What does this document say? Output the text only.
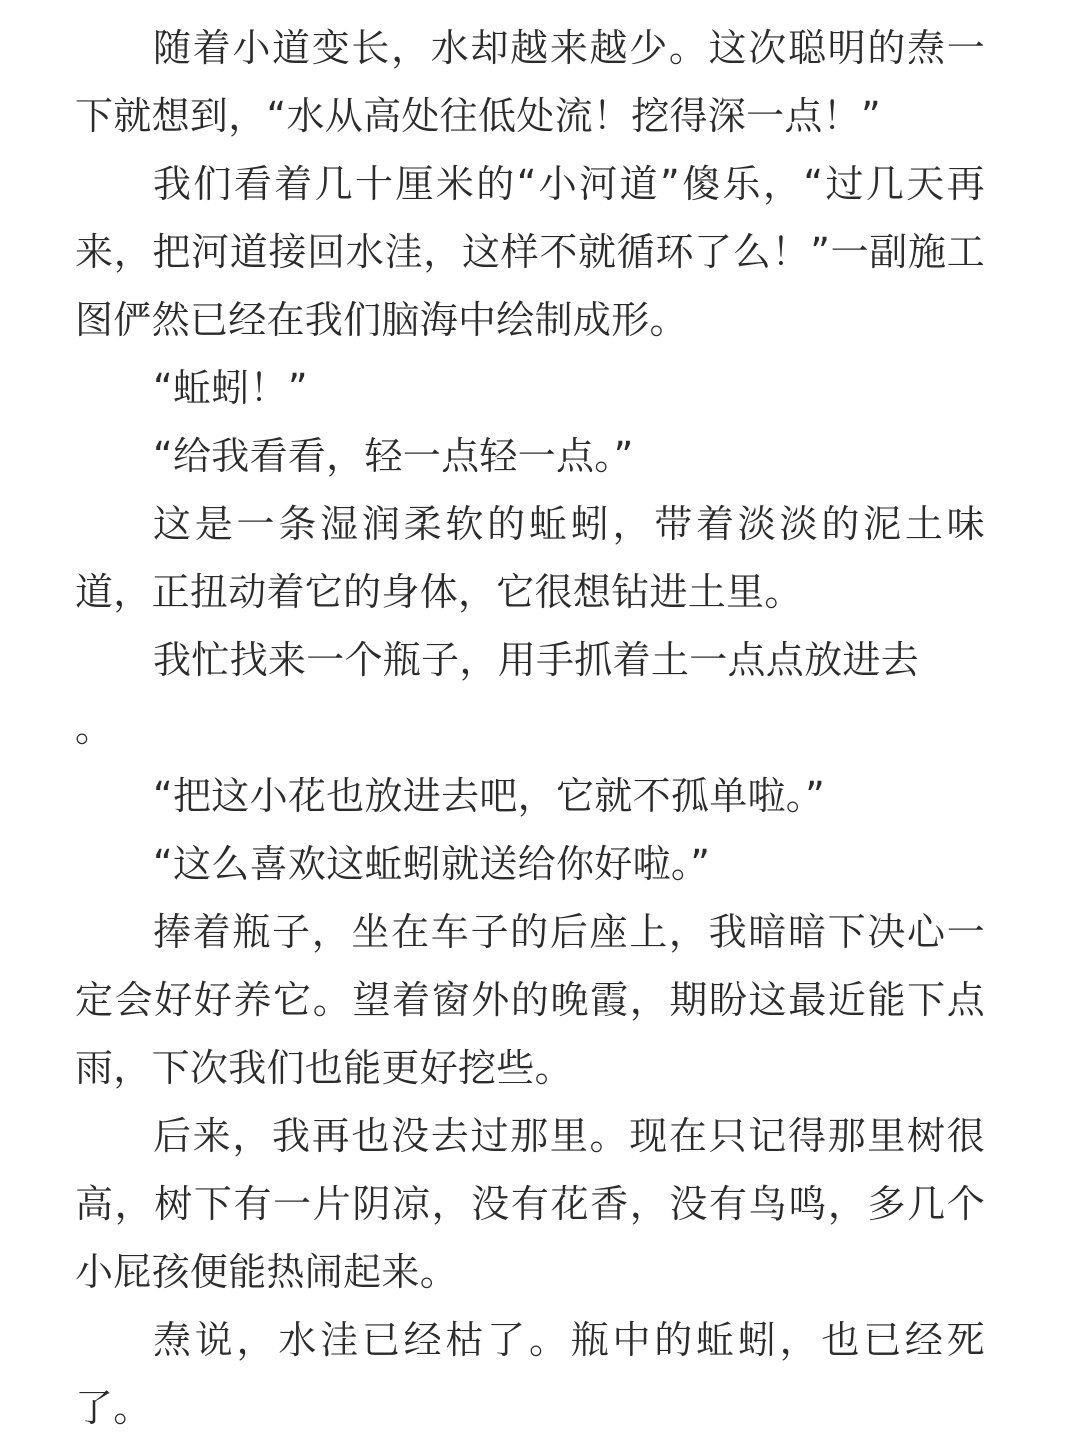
随着小道变长，水却越来越少。这次聪明的焘一下就想到，“水从高处往低处流！挖得深一点！”

我们看着几十厘米的“小河道”傻乐，“过几天再来，把河道接回水洼，这样不就循环了么！”一副施工图俨然已经在我们脑海中绘制成形。

“蚯蚓！”

“给我看看，轻一点轻一点。”

这是一条湿润柔软的蚯蚓，带着淡淡的泥土味道，正扭动着它的身体，它很想钻进土里。

我忙找来一个瓶子，用手抓着土一点点放进去
。

“把这小花也放进去吧，它就不孤单啦。”

“这么喜欢这蚯蚓就送给你好啦。”

捧着瓶子，坐在车子的后座上，我暗暗下决心一定会好好养它。望着窗外的晚霞，期盼这最近能下点雨，下次我们也能更好挖些。

后来，我再也没去过那里。现在只记得那里树很高，树下有一片阴凉，没有花香，没有鸟鸣，多几个小屁孩便能热闹起来。

焘说，水洼已经枯了。瓶中的蚯蚓，也已经死了。
